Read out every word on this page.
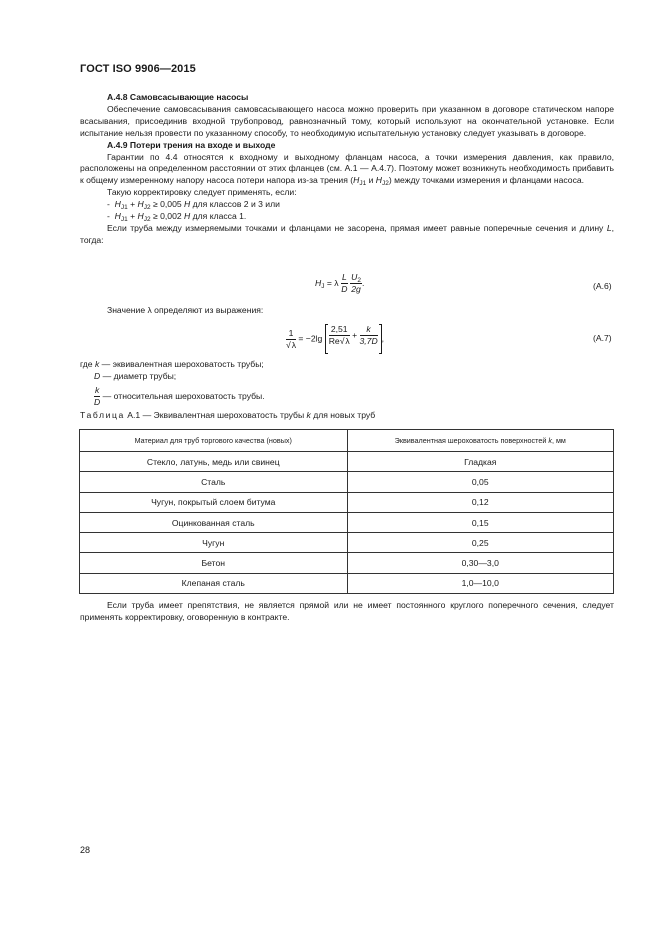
ГОСТ ISO 9906—2015

А.4.8 Самовсасывающие насосы

Обеспечение самовсасывания самовсасывающего насоса можно проверить при указанном в договоре статическом напоре всасывания, присоединив входной трубопровод, равнозначный тому, который используют на окончательной установке. Если испытание нельзя провести по указанному способу, то необходимую испытательную установку следует указывать в договоре.

А.4.9 Потери трения на входе и выходе

Гарантии по 4.4 относятся к входному и выходному фланцам насоса, а точки измерения давления, как правило, расположены на определенном расстоянии от этих фланцев (см. А.1 — А.4.7). Поэтому может возникнуть необходимость прибавить к общему измеренному напору насоса потери напора из-за трения ($H_{J1}$ и $H_{J2}$) между точками измерения и фланцами насоса.

Такую корректировку следует применять, если:

- $H_{J1} + H_{J2} \ge 0,005$ H для классов 2 и 3 или

- $H_{J1} + H_{J2} \ge 0,002$ H для класса 1.

Если труба между измеряемыми точками и фланцами не засорена, прямая имеет равные поперечные сечения и длину L, тогда:

$H_J = \lambda \frac{L}{D}$
$\frac{U_2}{2g}$ .	(А.6)

Значение λ определяют из выражения:

$\frac{1}{√\lambda} = -2\lg \frac{2,51}{Re√\lambda} + \frac{k}{3,7D}$ ,	(А.7)

где k — эквивалентная шероховатость трубы;

D — диаметр трубы;

$\frac{k}{D}$ — относительная шероховатость трубы.

Таблица А.1 — Эквивалентная шероховатость трубы k для новых труб
Материал для труб торгового качества (новых)	Эквивалентная шероховатость поверхностей k, мм
Стекло, латунь, медь или свинец	Гладкая
Сталь	0,05
Чугун, покрытый слоем битума	0,12
Оцинкованная сталь	0,15
Чугун	0,25
Бетон	0,30—3,0
Клепаная сталь	1,0—10,0

Если труба имеет препятствия, не является прямой или не имеет постоянного круглого поперечного сечения, следует применять корректировку, оговоренную в контракте.

28
